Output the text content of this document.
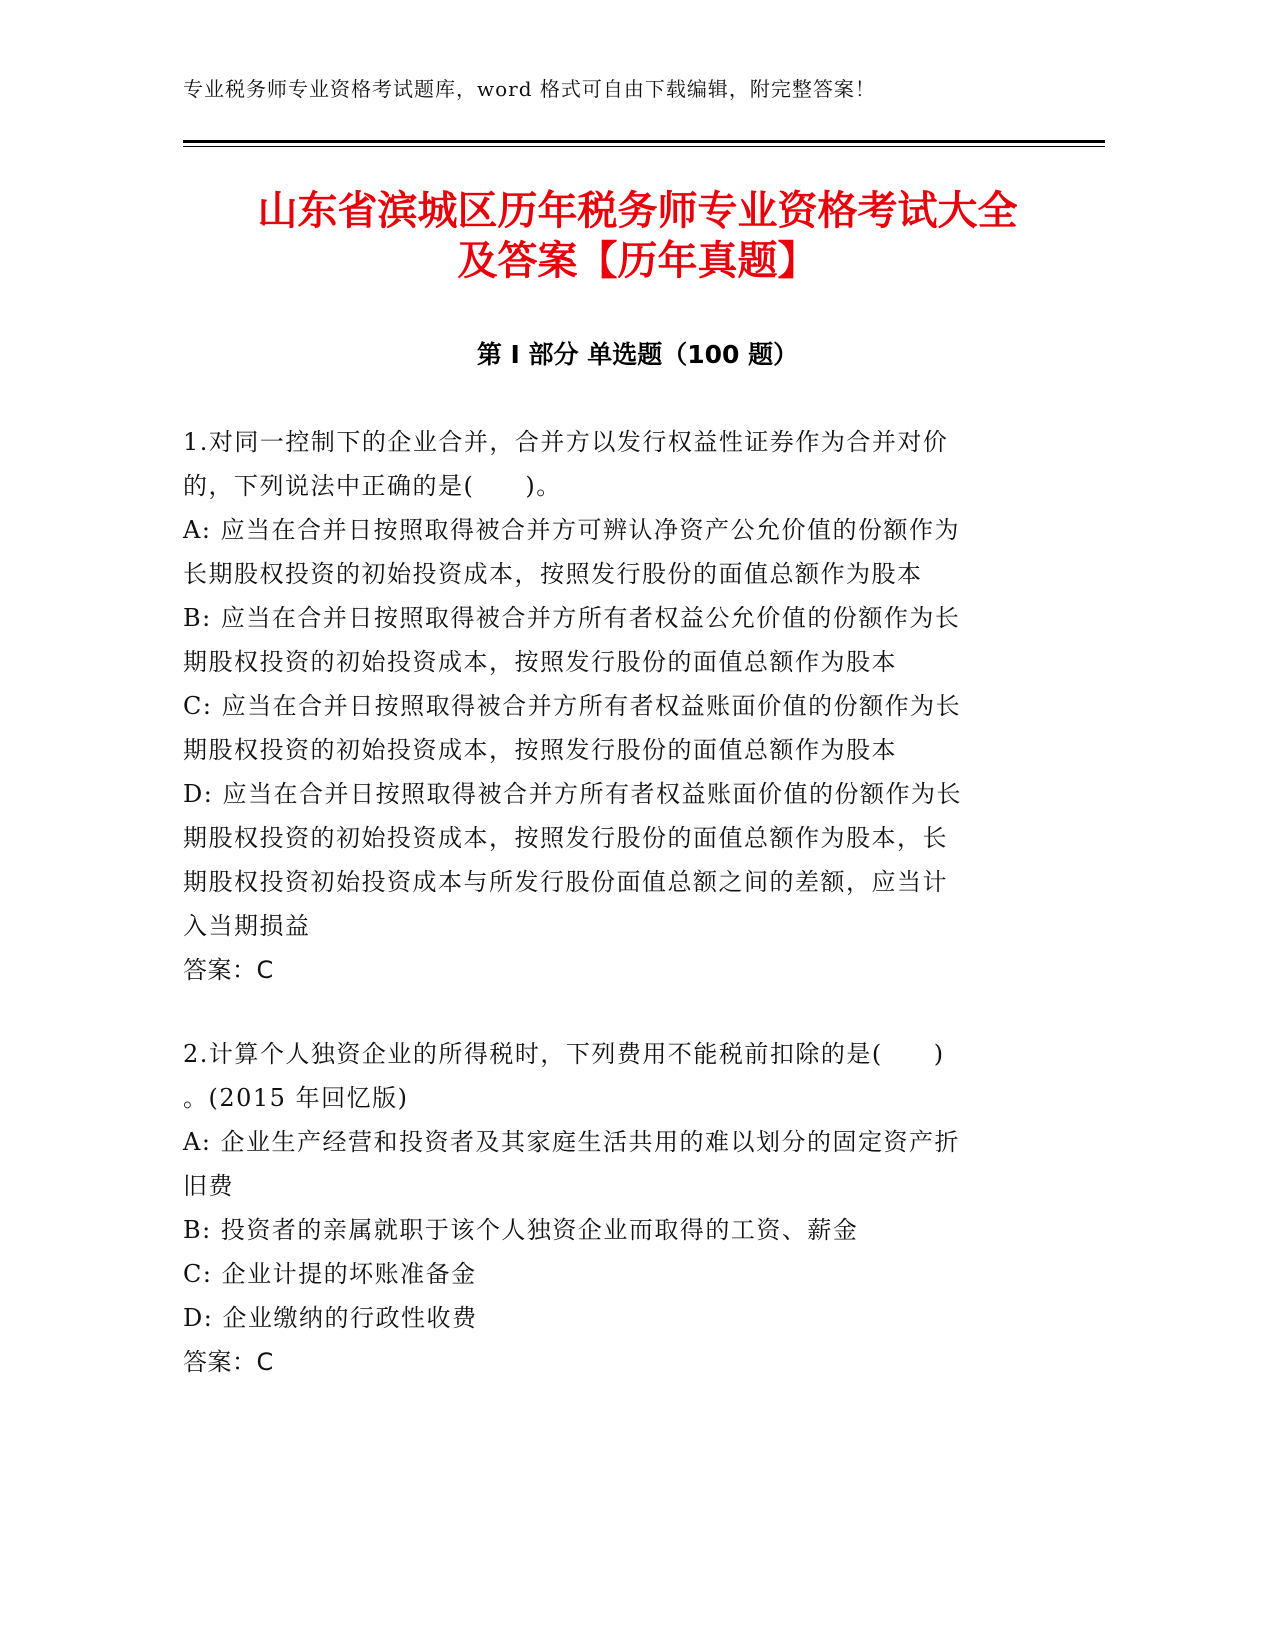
专业税务师专业资格考试题库，word 格式可自由下载编辑，附完整答案！
山东省滨城区历年税务师专业资格考试大全
及答案【历年真题】
第 I 部分 单选题（100 题）
1.对同一控制下的企业合并，合并方以发行权益性证券作为合并对价
的，下列说法中正确的是(　　)。
A: 应当在合并日按照取得被合并方可辨认净资产公允价值的份额作为
长期股权投资的初始投资成本，按照发行股份的面值总额作为股本
B: 应当在合并日按照取得被合并方所有者权益公允价值的份额作为长
期股权投资的初始投资成本，按照发行股份的面值总额作为股本
C: 应当在合并日按照取得被合并方所有者权益账面价值的份额作为长
期股权投资的初始投资成本，按照发行股份的面值总额作为股本
D: 应当在合并日按照取得被合并方所有者权益账面价值的份额作为长
期股权投资的初始投资成本，按照发行股份的面值总额作为股本，长
期股权投资初始投资成本与所发行股份面值总额之间的差额，应当计
入当期损益
答案：C
2.计算个人独资企业的所得税时，下列费用不能税前扣除的是(　　)
。(2015 年回忆版)
A: 企业生产经营和投资者及其家庭生活共用的难以划分的固定资产折
旧费
B: 投资者的亲属就职于该个人独资企业而取得的工资、薪金
C: 企业计提的坏账准备金
D: 企业缴纳的行政性收费
答案：C
